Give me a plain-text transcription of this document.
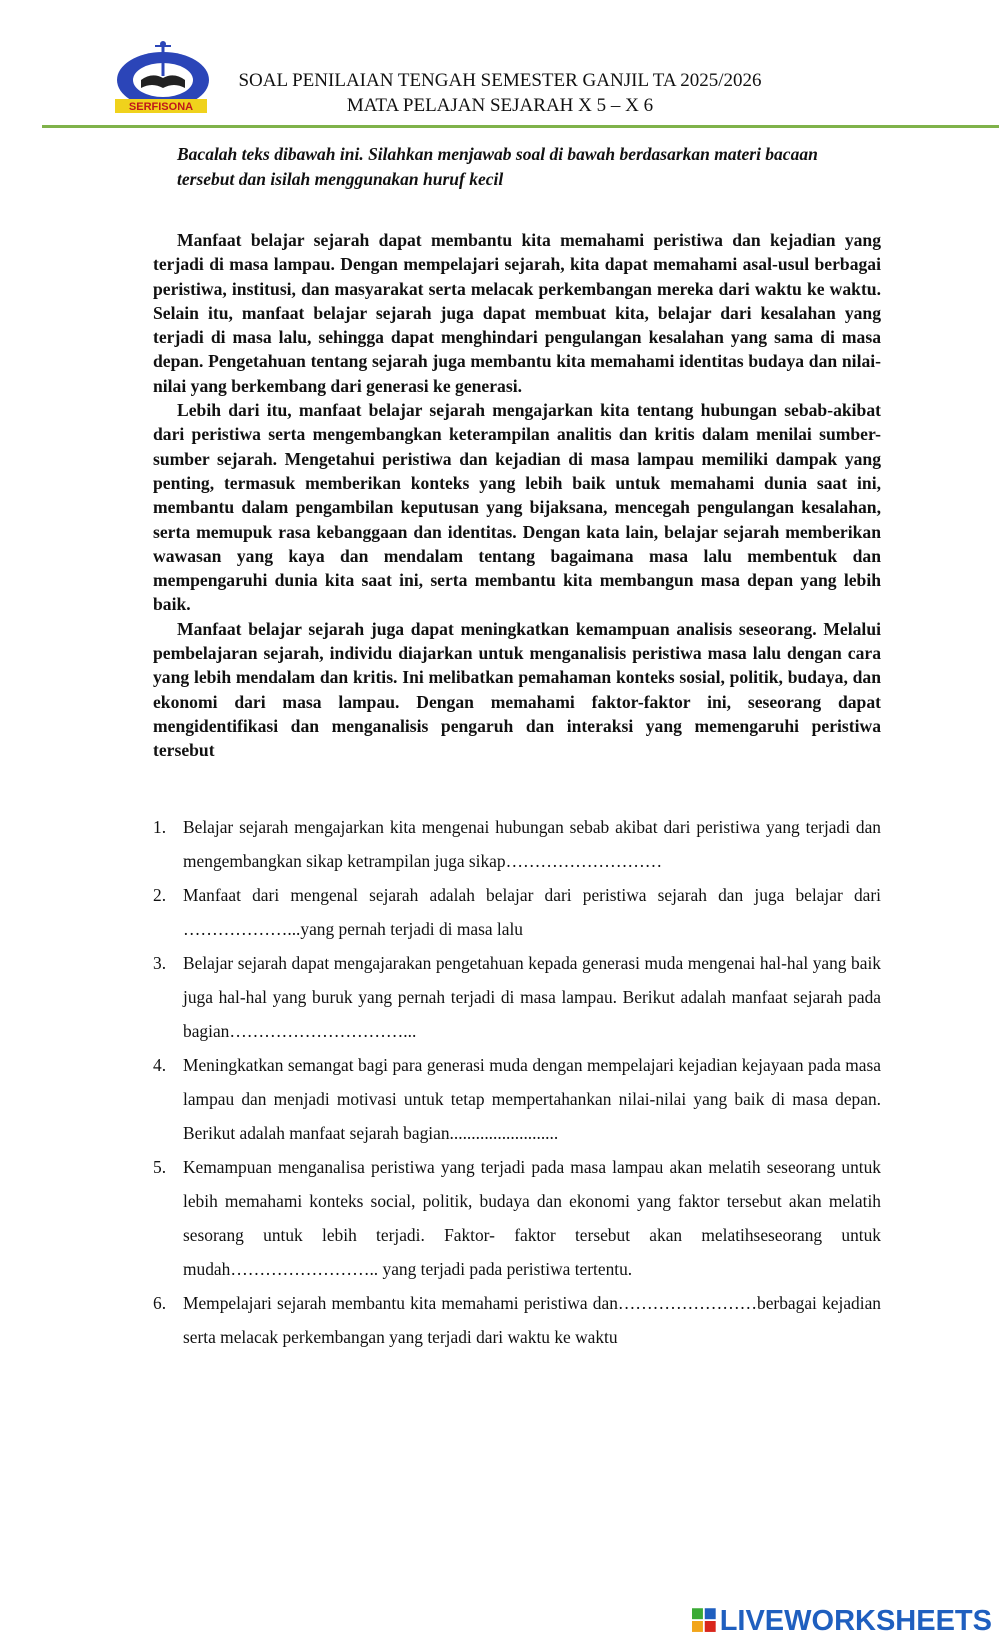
SERFISONA
SOAL PENILAIAN TENGAH SEMESTER GANJIL TA 2025/2026
MATA PELAJAN SEJARAH X 5 – X 6
Bacalah teks dibawah ini. Silahkan menjawab soal di bawah berdasarkan materi bacaan tersebut dan isilah menggunakan huruf kecil

Manfaat belajar sejarah dapat membantu kita memahami peristiwa dan kejadian yang terjadi di masa lampau. Dengan mempelajari sejarah, kita dapat memahami asal-usul berbagai peristiwa, institusi, dan masyarakat serta melacak perkembangan mereka dari waktu ke waktu. Selain itu, manfaat belajar sejarah juga dapat membuat kita, belajar dari kesalahan yang terjadi di masa lalu, sehingga dapat menghindari pengulangan kesalahan yang sama di masa depan. Pengetahuan tentang sejarah juga membantu kita memahami identitas budaya dan nilai-nilai yang berkembang dari generasi ke generasi.

Lebih dari itu, manfaat belajar sejarah mengajarkan kita tentang hubungan sebab-akibat dari peristiwa serta mengembangkan keterampilan analitis dan kritis dalam menilai sumber-sumber sejarah. Mengetahui peristiwa dan kejadian di masa lampau memiliki dampak yang penting, termasuk memberikan konteks yang lebih baik untuk memahami dunia saat ini, membantu dalam pengambilan keputusan yang bijaksana, mencegah pengulangan kesalahan, serta memupuk rasa kebanggaan dan identitas. Dengan kata lain, belajar sejarah memberikan wawasan yang kaya dan mendalam tentang bagaimana masa lalu membentuk dan mempengaruhi dunia kita saat ini, serta membantu kita membangun masa depan yang lebih baik.

Manfaat belajar sejarah juga dapat meningkatkan kemampuan analisis seseorang. Melalui pembelajaran sejarah, individu diajarkan untuk menganalisis peristiwa masa lalu dengan cara yang lebih mendalam dan kritis. Ini melibatkan pemahaman konteks sosial, politik, budaya, dan ekonomi dari masa lampau. Dengan memahami faktor-faktor ini, seseorang dapat mengidentifikasi dan menganalisis pengaruh dan interaksi yang memengaruhi peristiwa tersebut

1. Belajar sejarah mengajarkan kita mengenai hubungan sebab akibat dari peristiwa yang terjadi dan mengembangkan sikap ketrampilan juga sikap………………………
2. Manfaat dari mengenal sejarah adalah belajar dari peristiwa sejarah dan juga belajar dari ………………...yang pernah terjadi di masa lalu
3. Belajar sejarah dapat mengajarakan pengetahuan kepada generasi muda mengenai hal-hal yang baik juga hal-hal yang buruk yang pernah terjadi di masa lampau. Berikut adalah manfaat sejarah pada bagian…………………………...
4. Meningkatkan semangat bagi para generasi muda dengan mempelajari kejadian kejayaan pada masa lampau dan menjadi motivasi untuk tetap mempertahankan nilai-nilai yang baik di masa depan. Berikut adalah manfaat sejarah bagian.........................
5. Kemampuan menganalisa peristiwa yang terjadi pada masa lampau akan melatih seseorang untuk lebih memahami konteks social, politik, budaya dan ekonomi yang faktor tersebut akan melatih sesorang untuk lebih terjadi. Faktor- faktor tersebut akan melatihseseorang untuk mudah…………………….. yang terjadi pada peristiwa tertentu.
6. Mempelajari sejarah membantu kita memahami peristiwa dan……………………berbagai kejadian serta melacak perkembangan yang terjadi dari waktu ke waktu
LIVEWORKSHEETS
